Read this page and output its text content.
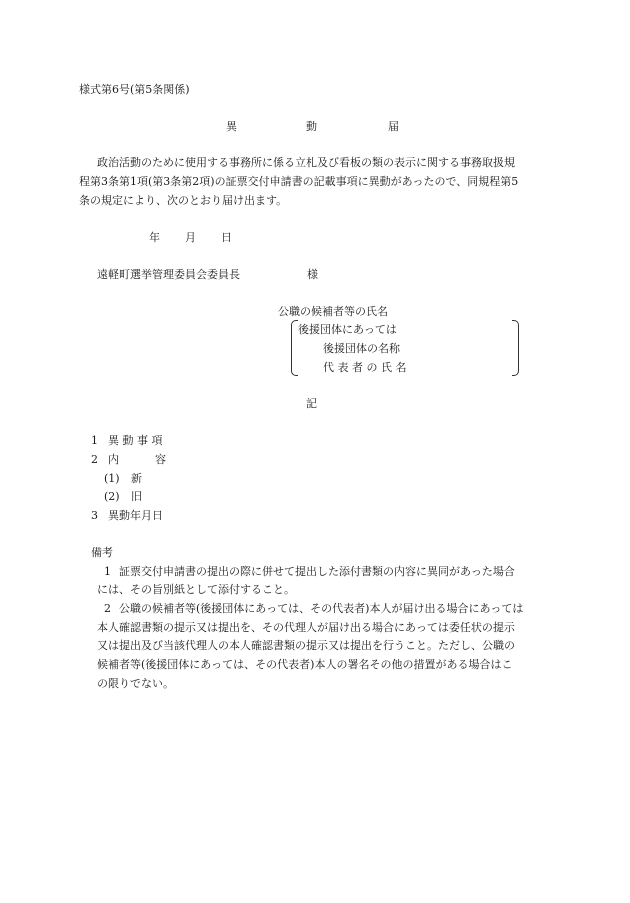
様式第6号(第5条関係)
異	動	届
政治活動のために使用する事務所に係る立札及び看板の類の表示に関する事務取扱規
程第3条第1項(第3条第2項)の証票交付申請書の記載事項に異動があったので、同規程第5
条の規定により、次のとおり届け出ます。
年 月 日
遠軽町選挙管理委員会委員長	様
公職の候補者等の氏名
後援団体にあっては
後援団体の名称
代 表 者 の 氏 名
記
1 異 動 事 項
2 内	容
(1) 新
(2) 旧
3 異動年月日
備考
1 証票交付申請書の提出の際に併せて提出した添付書類の内容に異同があった場合
には、その旨別紙として添付すること。
2 公職の候補者等(後援団体にあっては、その代表者)本人が届け出る場合にあっては
本人確認書類の提示又は提出を、その代理人が届け出る場合にあっては委任状の提示
又は提出及び当該代理人の本人確認書類の提示又は提出を行うこと。ただし、公職の
候補者等(後援団体にあっては、その代表者)本人の署名その他の措置がある場合はこ
の限りでない。
